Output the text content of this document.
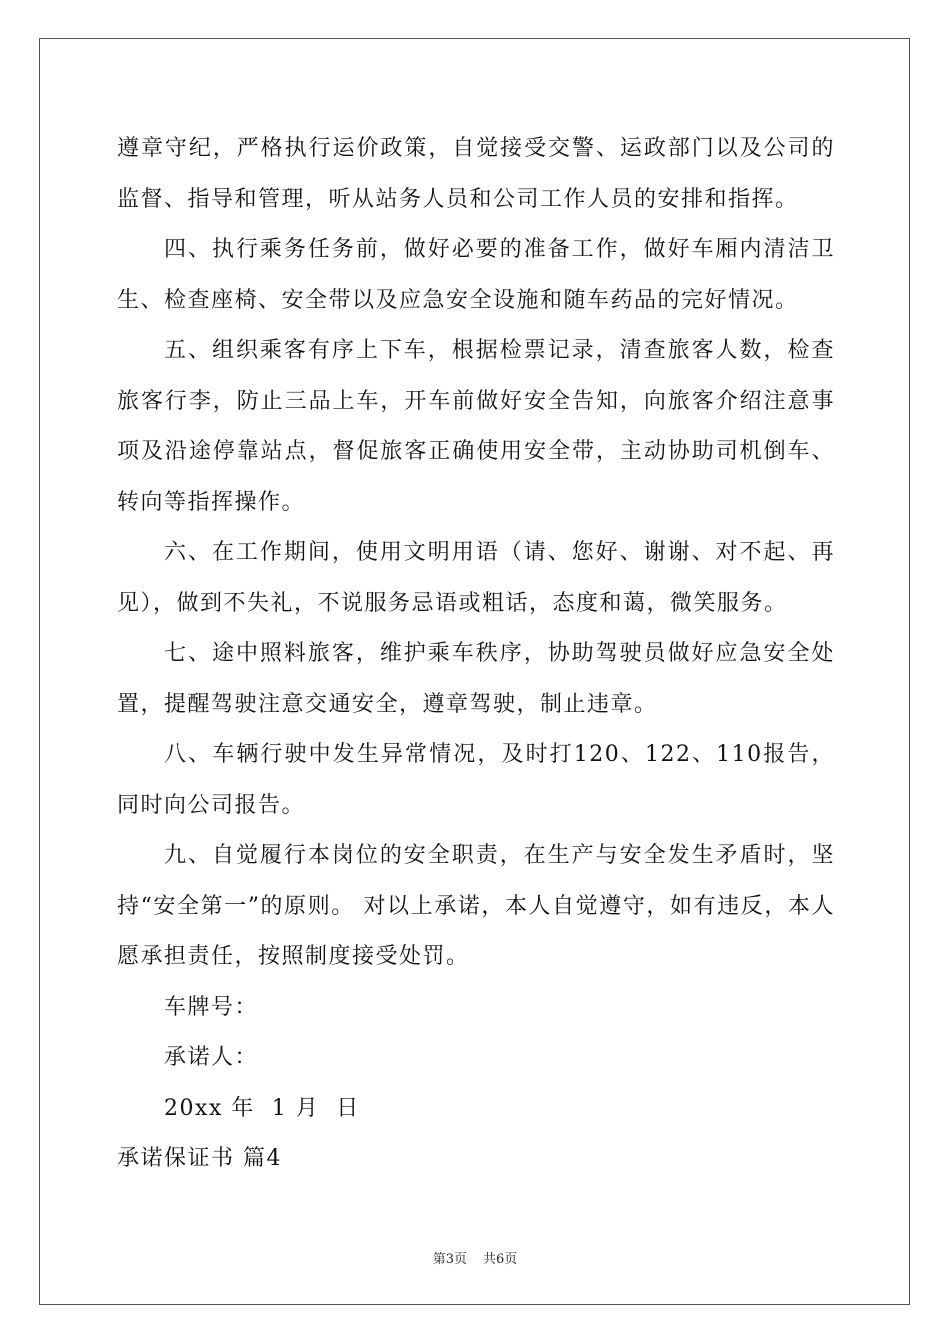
遵章守纪，严格执行运价政策，自觉接受交警、运政部门以及公司的监督、指导和管理，听从站务人员和公司工作人员的安排和指挥。

四、执行乘务任务前，做好必要的准备工作，做好车厢内清洁卫生、检查座椅、安全带以及应急安全设施和随车药品的完好情况。

五、组织乘客有序上下车，根据检票记录，清查旅客人数，检查旅客行李，防止三品上车，开车前做好安全告知，向旅客介绍注意事项及沿途停靠站点，督促旅客正确使用安全带，主动协助司机倒车、转向等指挥操作。

六、在工作期间，使用文明用语（请、您好、谢谢、对不起、再见），做到不失礼，不说服务忌语或粗话，态度和蔼，微笑服务。

七、途中照料旅客，维护乘车秩序，协助驾驶员做好应急安全处置，提醒驾驶注意交通安全，遵章驾驶，制止违章。

八、车辆行驶中发生异常情况，及时打120、122、110报告，同时向公司报告。

九、自觉履行本岗位的安全职责，在生产与安全发生矛盾时，坚持“安全第一”的原则。 对以上承诺，本人自觉遵守，如有违反，本人愿承担责任，按照制度接受处罚。

车牌号：

承诺人：

20xx 年  1 月  日

承诺保证书 篇4

第3页 共6页
